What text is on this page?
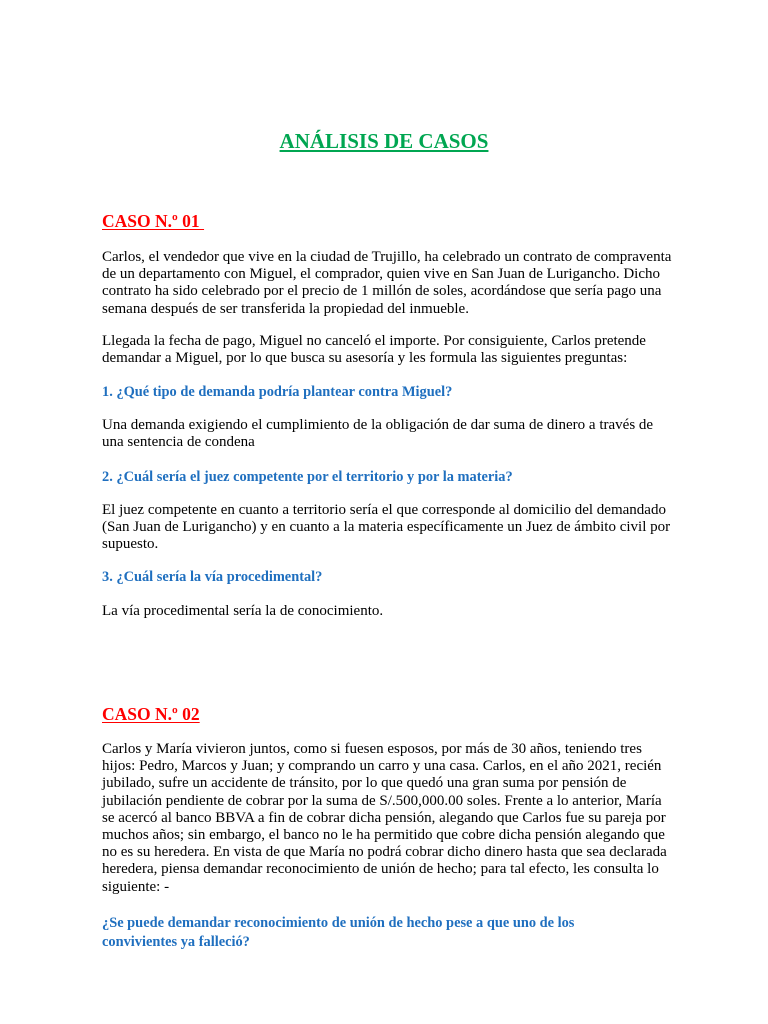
ANÁLISIS DE CASOS
CASO N.º 01

Carlos, el vendedor que vive en la ciudad de Trujillo, ha celebrado un contrato de compraventa
de un departamento con Miguel, el comprador, quien vive en San Juan de Lurigancho. Dicho
contrato ha sido celebrado por el precio de 1 millón de soles, acordándose que sería pago una
semana después de ser transferida la propiedad del inmueble.

Llegada la fecha de pago, Miguel no canceló el importe. Por consiguiente, Carlos pretende
demandar a Miguel, por lo que busca su asesoría y les formula las siguientes preguntas:

1. ¿Qué tipo de demanda podría plantear contra Miguel?

Una demanda exigiendo el cumplimiento de la obligación de dar suma de dinero a través de
una sentencia de condena

2. ¿Cuál sería el juez competente por el territorio y por la materia?

El juez competente en cuanto a territorio sería el que corresponde al domicilio del demandado
(San Juan de Lurigancho) y en cuanto a la materia específicamente un Juez de ámbito civil por
supuesto.

3. ¿Cuál sería la vía procedimental?

La vía procedimental sería la de conocimiento.

CASO N.º 02

Carlos y María vivieron juntos, como si fuesen esposos, por más de 30 años, teniendo tres
hijos: Pedro, Marcos y Juan; y comprando un carro y una casa. Carlos, en el año 2021, recién
jubilado, sufre un accidente de tránsito, por lo que quedó una gran suma por pensión de
jubilación pendiente de cobrar por la suma de S/.500,000.00 soles. Frente a lo anterior, María
se acercó al banco BBVA a fin de cobrar dicha pensión, alegando que Carlos fue su pareja por
muchos años; sin embargo, el banco no le ha permitido que cobre dicha pensión alegando que
no es su heredera. En vista de que María no podrá cobrar dicho dinero hasta que sea declarada
heredera, piensa demandar reconocimiento de unión de hecho; para tal efecto, les consulta lo
siguiente: -

¿Se puede demandar reconocimiento de unión de hecho pese a que uno de los
convivientes ya falleció?
